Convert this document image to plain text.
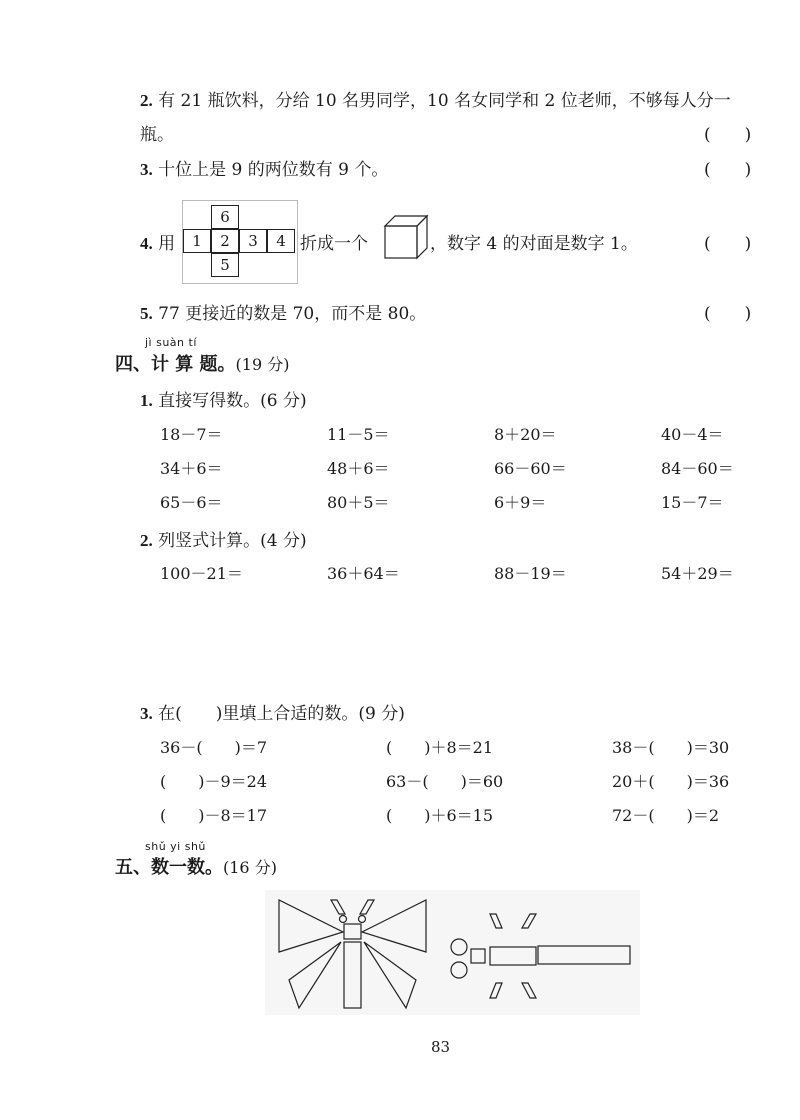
2. 有 21 瓶饮料，分给 10 名男同学，10 名女同学和 2 位老师，不够每人分一
瓶。	(　　)
3. 十位上是 9 的两位数有 9 个。	(　　)
4. 用
6
1	2	3	4
5
折成一个	，数字 4 的对面是数字 1。	(　　)
5. 77 更接近的数是 70，而不是 80。	(　　)
jì suàn tí
四、计 算 题。(19 分)
1. 直接写得数。(6 分)
18－7＝	11－5＝	8＋20＝	40－4＝
34＋6＝	48＋6＝	66－60＝	84－60＝
65－6＝	80＋5＝	6＋9＝	15－7＝
2. 列竖式计算。(4 分)
100－21＝	36＋64＝	88－19＝	54＋29＝
3. 在(　　)里填上合适的数。(9 分)
36－(　　)＝7	(　　)＋8＝21	38－(　　)＝30
(　　)－9＝24	63－(　　)＝60	20＋(　　)＝36
(　　)－8＝17	(　　)＋6＝15	72－(　　)＝2
shǔ yi shǔ
五、数一数。(16 分)
83
